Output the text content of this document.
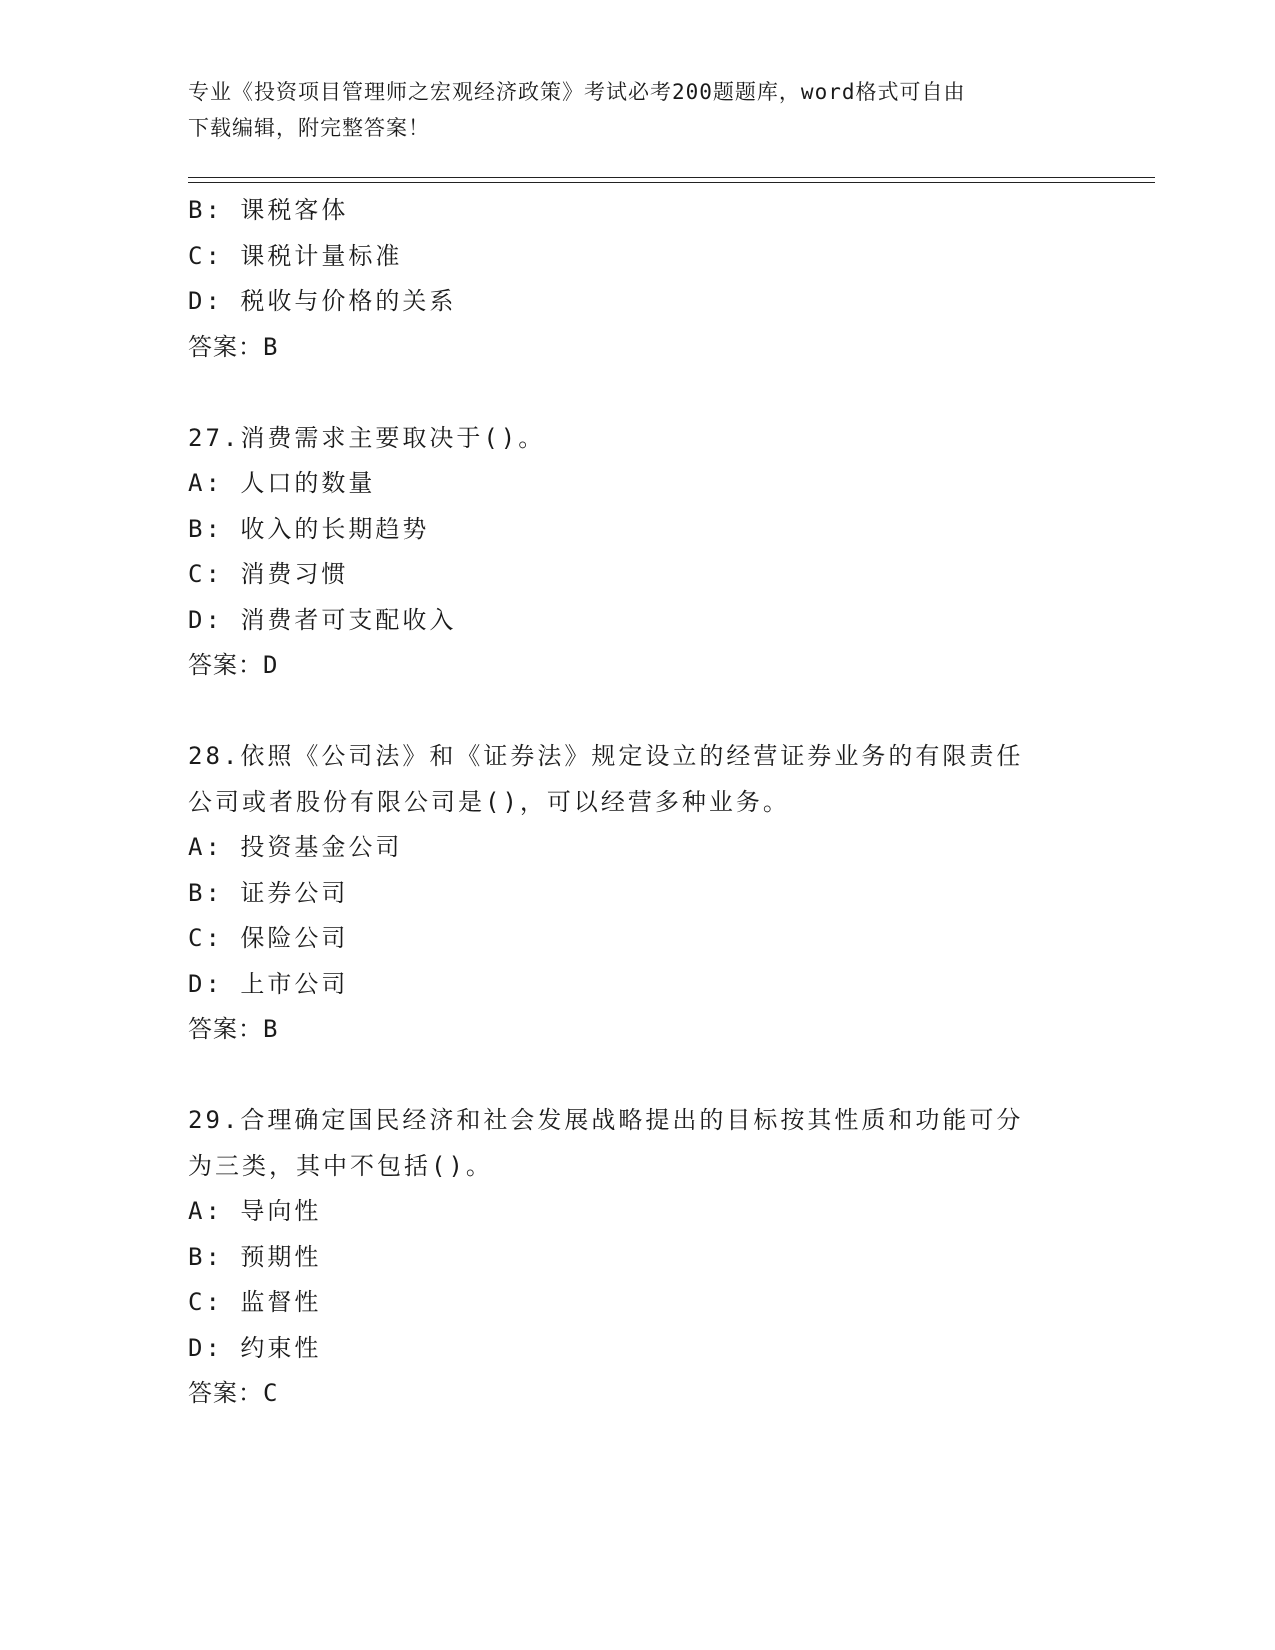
专业《投资项目管理师之宏观经济政策》考试必考200题题库，word格式可自由
下载编辑，附完整答案！
B: 课税客体
C: 课税计量标准
D: 税收与价格的关系
答案：B
27.消费需求主要取决于()。
A: 人口的数量
B: 收入的长期趋势
C: 消费习惯
D: 消费者可支配收入
答案：D
28.依照《公司法》和《证券法》规定设立的经营证券业务的有限责任
公司或者股份有限公司是()，可以经营多种业务。
A: 投资基金公司
B: 证券公司
C: 保险公司
D: 上市公司
答案：B
29.合理确定国民经济和社会发展战略提出的目标按其性质和功能可分
为三类，其中不包括()。
A: 导向性
B: 预期性
C: 监督性
D: 约束性
答案：C
